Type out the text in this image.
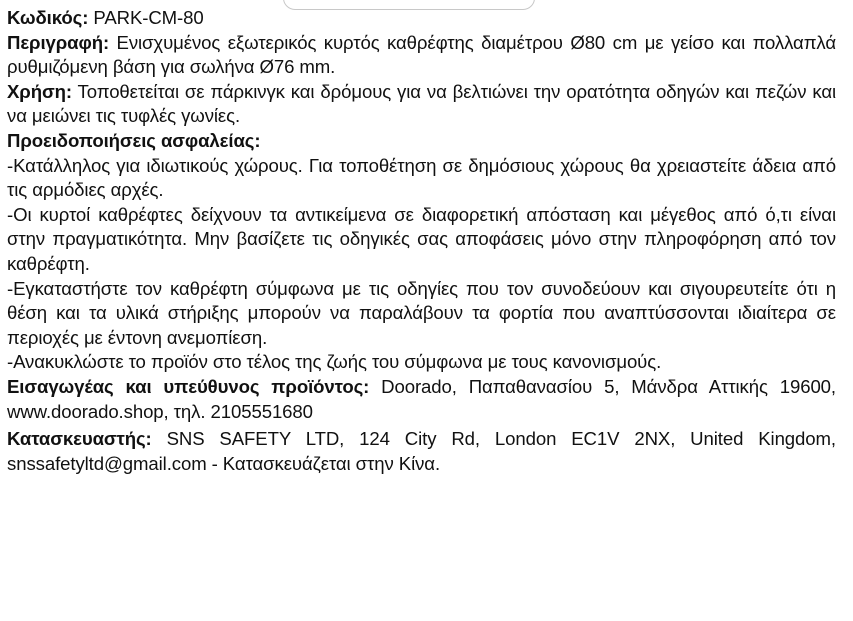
Κωδικός: PARK-CM-80

Περιγραφή: Ενισχυμένος εξωτερικός κυρτός καθρέφτης διαμέτρου Ø80 cm με γείσο και πολλαπλά ρυθμιζόμενη βάση για σωλήνα Ø76 mm.

Χρήση: Τοποθετείται σε πάρκινγκ και δρόμους για να βελτιώνει την ορατότητα οδηγών και πεζών και να μειώνει τις τυφλές γωνίες.

Προειδοποιήσεις ασφαλείας:

-Κατάλληλος για ιδιωτικούς χώρους. Για τοποθέτηση σε δημόσιους χώρους θα χρειαστείτε άδεια από τις αρμόδιες αρχές.

-Οι κυρτοί καθρέφτες δείχνουν τα αντικείμενα σε διαφορετική απόσταση και μέγεθος από ό,τι είναι στην πραγματικότητα. Μην βασίζετε τις οδηγικές σας αποφάσεις μόνο στην πληροφόρηση από τον καθρέφτη.

-Εγκαταστήστε τον καθρέφτη σύμφωνα με τις οδηγίες που τον συνοδεύουν και σιγουρευτείτε ότι η θέση και τα υλικά στήριξης μπορούν να παραλάβουν τα φορτία που αναπτύσσονται ιδιαίτερα σε περιοχές με έντονη ανεμοπίεση.

-Ανακυκλώστε το προϊόν στο τέλος της ζωής του σύμφωνα με τους κανονισμούς.

Εισαγωγέας και υπεύθυνος προϊόντος: Doorado, Παπαθανασίου 5, Μάνδρα Αττικής 19600, www.doorado.shop, τηλ. 2105551680

Κατασκευαστής: SNS SAFETY LTD, 124 City Rd, London EC1V 2NX, United Kingdom, snssafetyltd@gmail.com - Κατασκευάζεται στην Κίνα.
